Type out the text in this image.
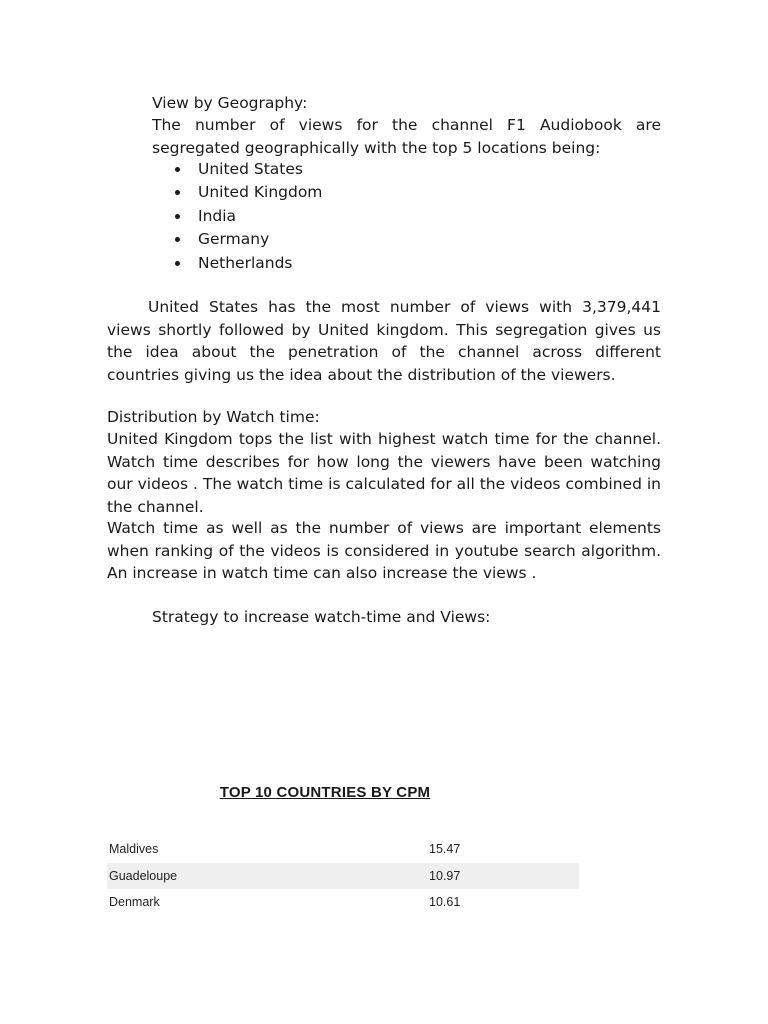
View by Geography:
The number of views for the channel F1 Audiobook are segregated geographically with the top 5 locations being:
United States
United Kingdom
India
Germany
Netherlands
United States has the most number of views with 3,379,441 views shortly followed by United kingdom. This segregation gives us the idea about the penetration of the channel across different countries giving us the idea about the distribution of the viewers.
Distribution by Watch time:
United Kingdom tops the list with highest watch time for the channel. Watch time describes for how long the viewers have been watching our videos . The watch time is calculated for all the videos combined in the channel.
Watch time as well as the number of views are important elements when ranking of the videos is considered in youtube search algorithm. An increase in watch time can also increase the views .
Strategy to increase watch-time and Views:
TOP 10 COUNTRIES BY CPM
Maldives	15.47
Guadeloupe	10.97
Denmark	10.61
